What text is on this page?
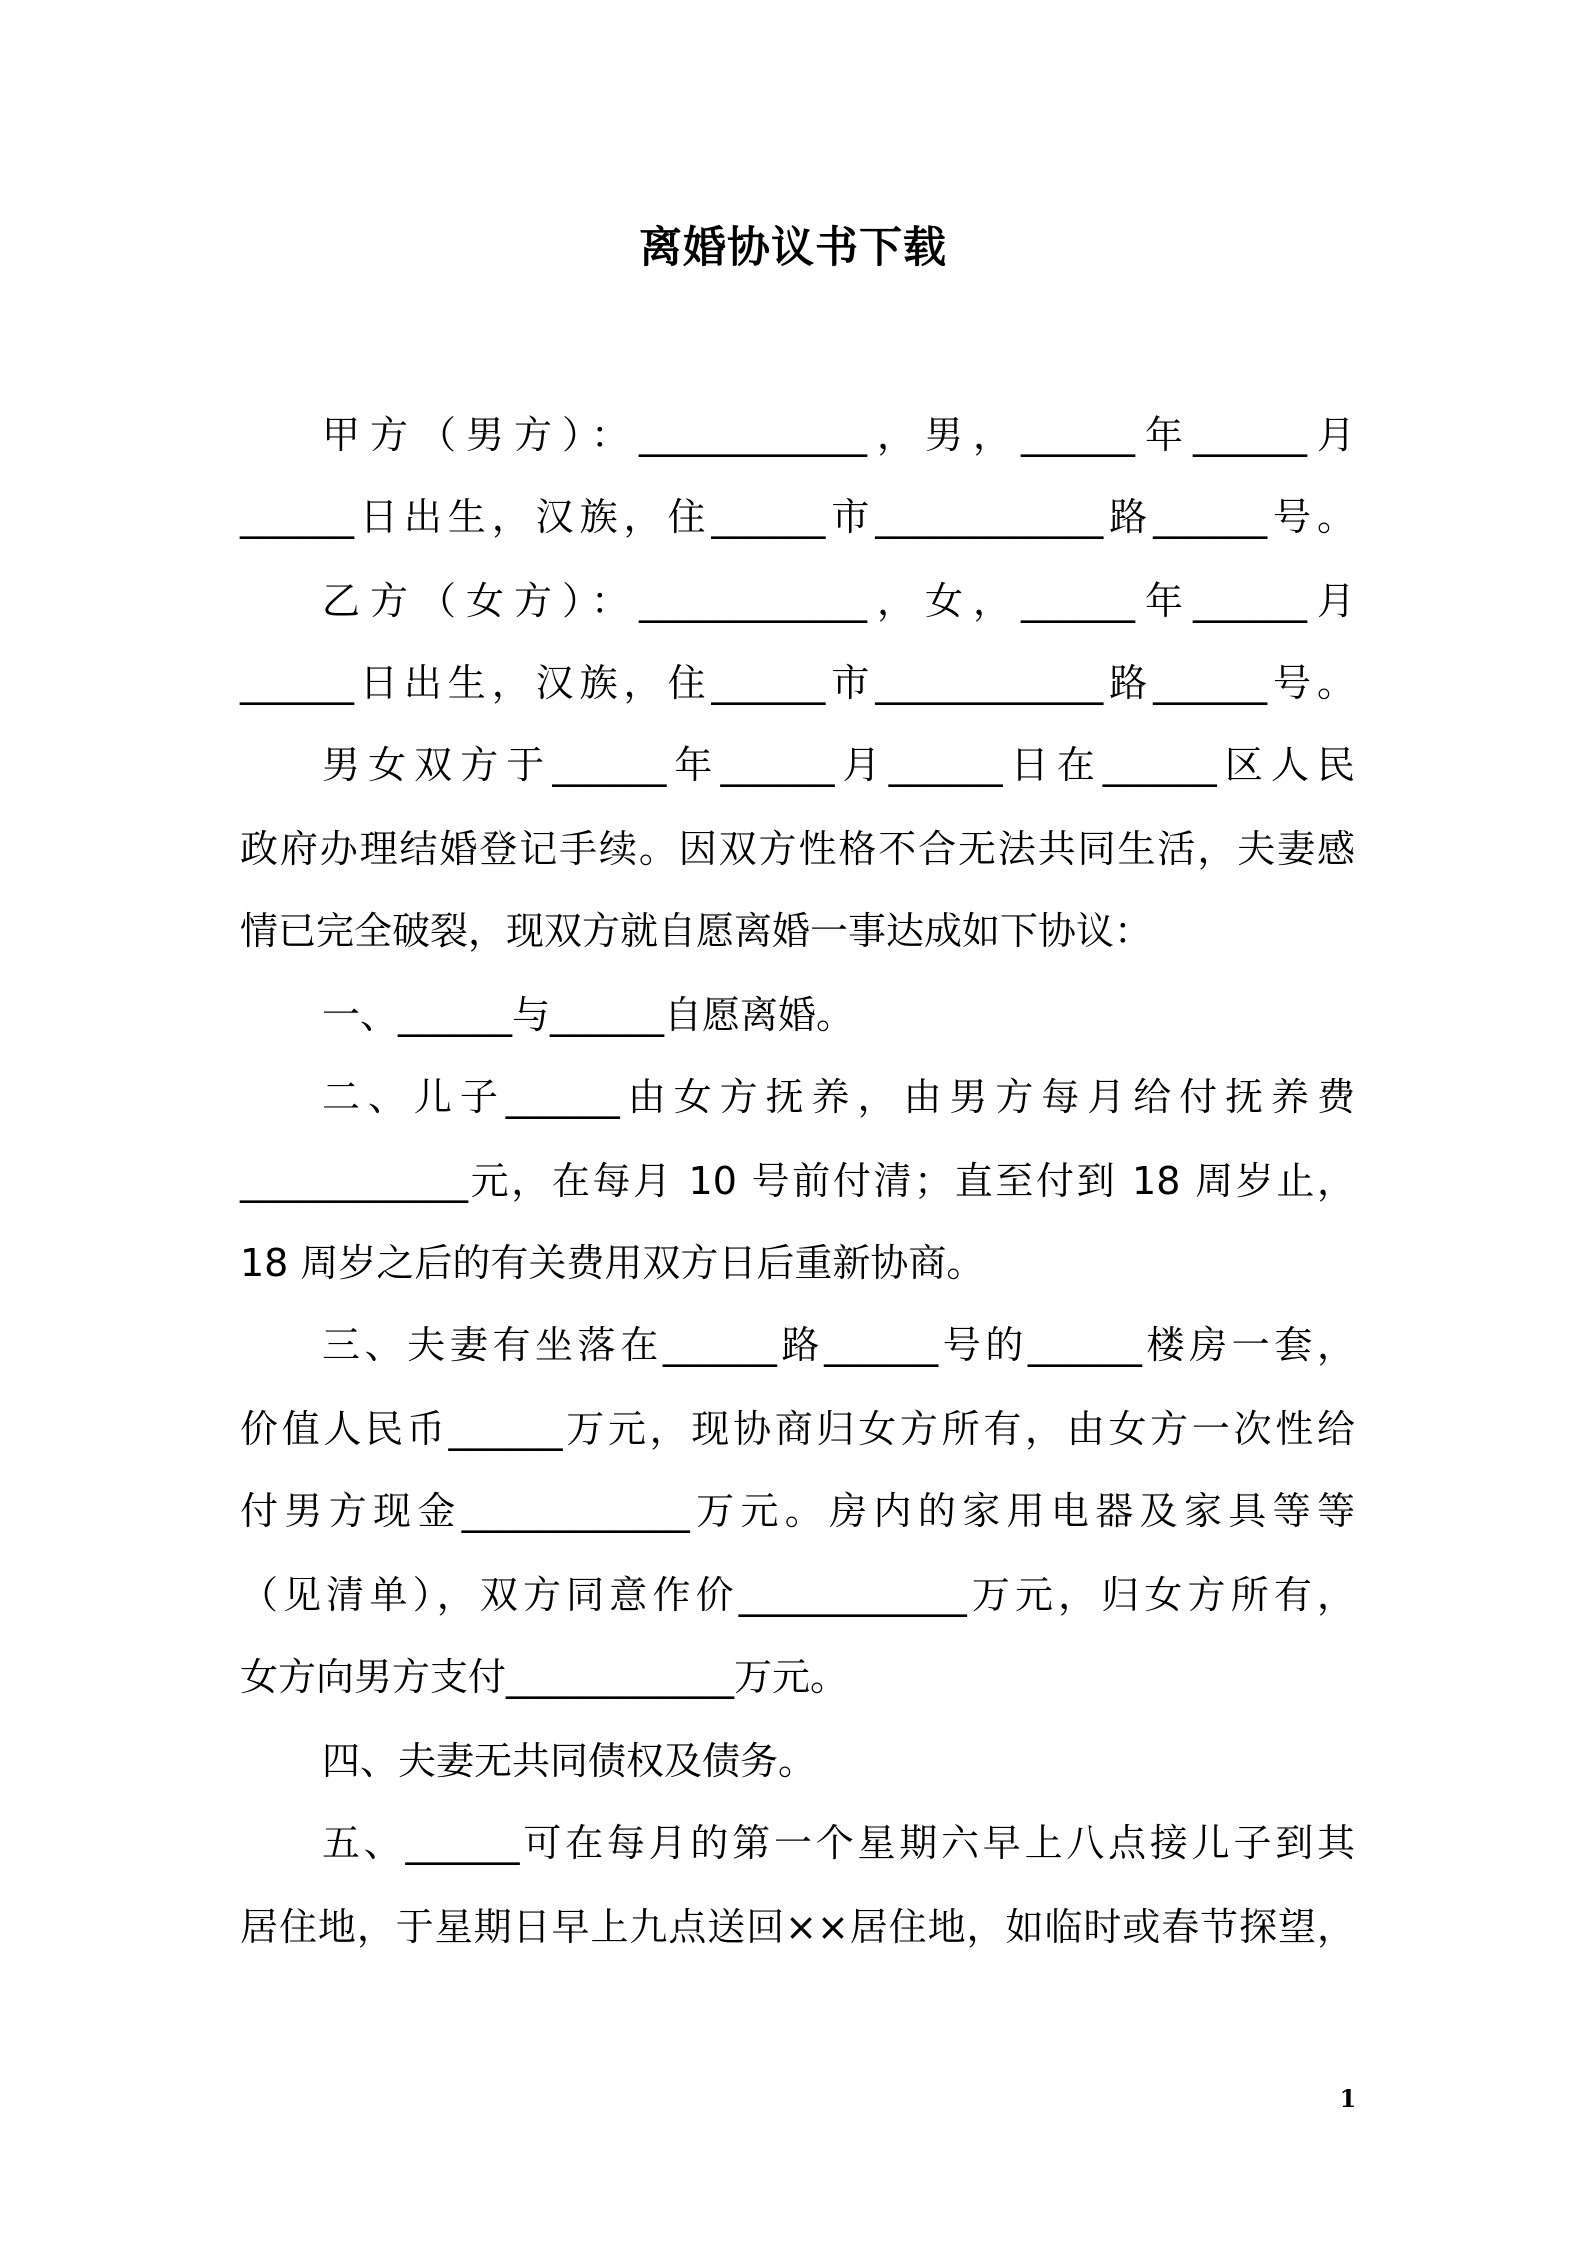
离婚协议书下载
甲方（男方）：____________，男，______年______月
______日出生，汉族，住______市____________路______号。
乙方（女方）：____________，女，______年______月
______日出生，汉族，住______市____________路______号。
男女双方于______年______月______日在______区人民
政府办理结婚登记手续。因双方性格不合无法共同生活，夫妻感
情已完全破裂，现双方就自愿离婚一事达成如下协议：
一、______与______自愿离婚。
二、儿子______由女方抚养，由男方每月给付抚养费
____________元，在每月 10 号前付清；直至付到 18 周岁止，
18 周岁之后的有关费用双方日后重新协商。
三、夫妻有坐落在______路______号的______楼房一套，
价值人民币______万元，现协商归女方所有，由女方一次性给
付男方现金____________万元。房内的家用电器及家具等等
（见清单），双方同意作价____________万元，归女方所有，
女方向男方支付____________万元。
四、夫妻无共同债权及债务。
五、______可在每月的第一个星期六早上八点接儿子到其
居住地，于星期日早上九点送回××居住地，如临时或春节探望，
1
